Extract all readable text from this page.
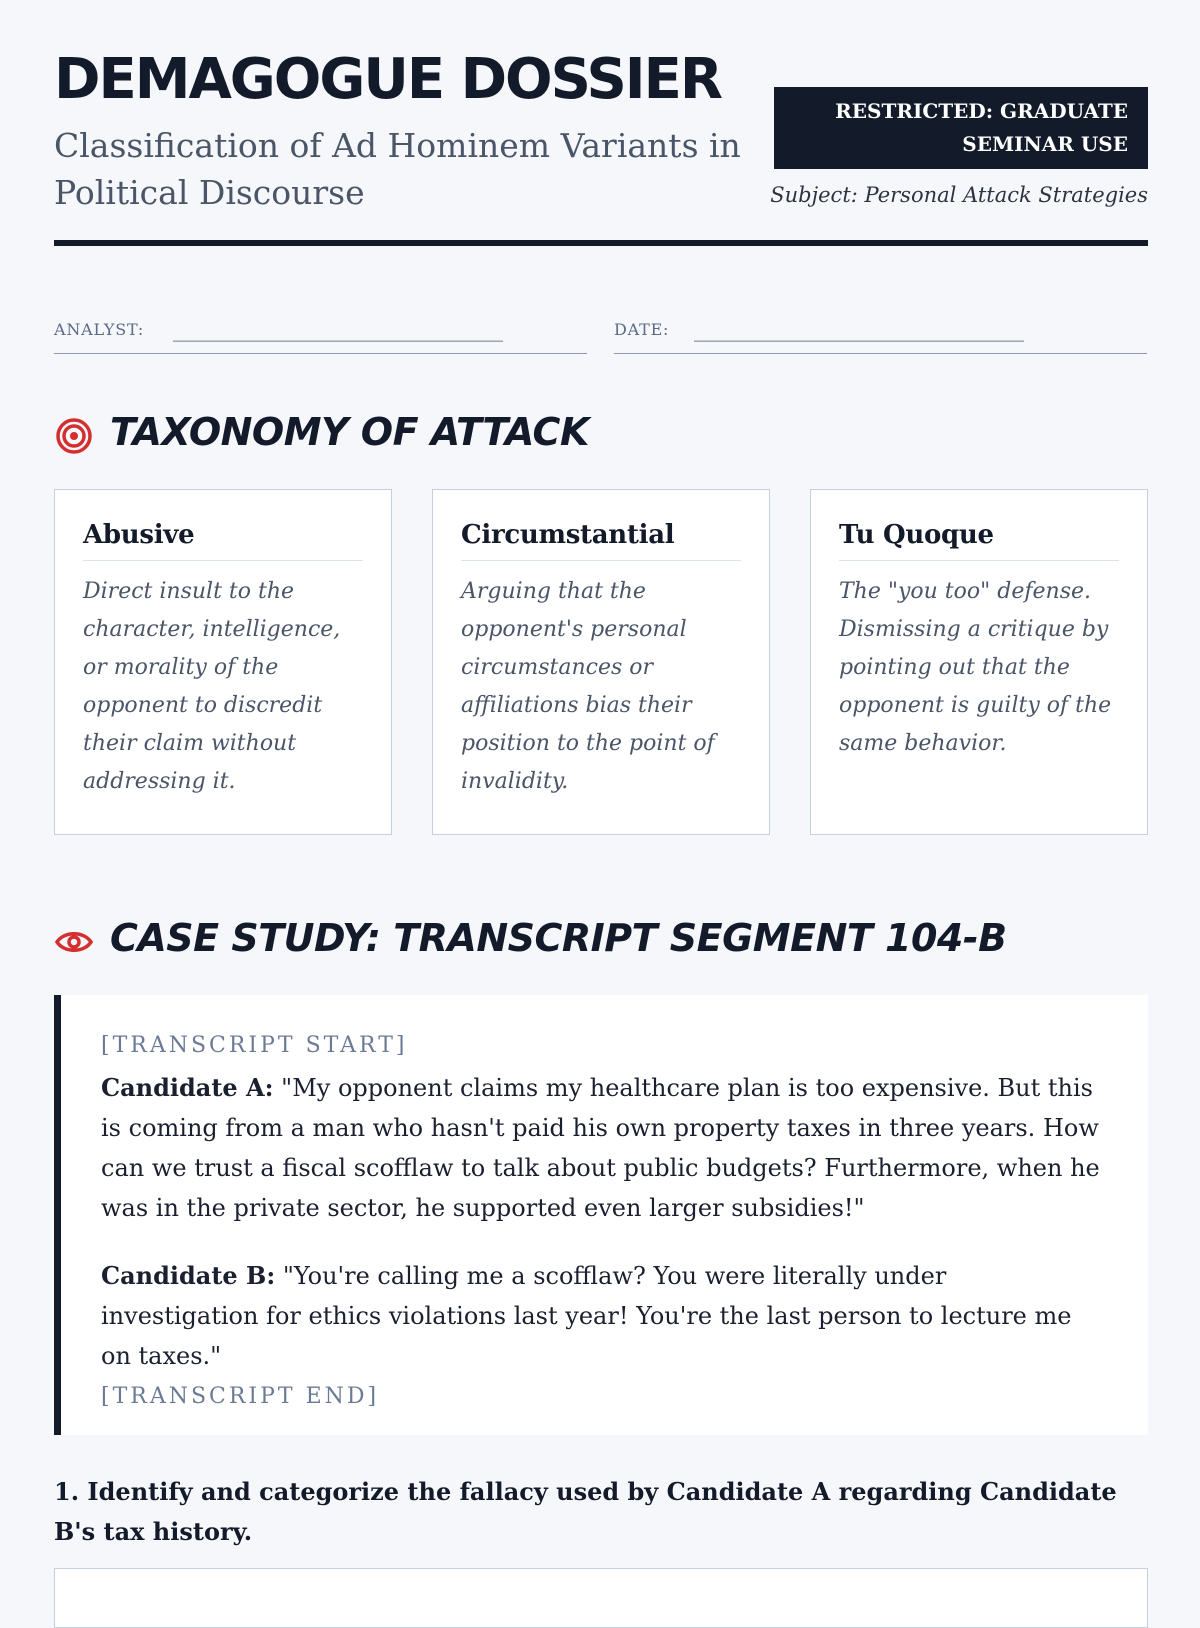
DEMAGOGUE DOSSIER
Classification of Ad Hominem Variants in Political Discourse
RESTRICTED: GRADUATE SEMINAR USE
Subject: Personal Attack Strategies
ANALYST: _________________________________	DATE: _________________________________
TAXONOMY OF ATTACK
Abusive

Direct insult to the character, intelligence, or morality of the opponent to discredit their claim without addressing it.

Circumstantial

Arguing that the opponent's personal circumstances or affiliations bias their position to the point of invalidity.

Tu Quoque

The "you too" defense. Dismissing a critique by pointing out that the opponent is guilty of the same behavior.

CASE STUDY: TRANSCRIPT SEGMENT 104-B

[TRANSCRIPT START]

Candidate A: "My opponent claims my healthcare plan is too expensive. But this is coming from a man who hasn't paid his own property taxes in three years. How can we trust a fiscal scofflaw to talk about public budgets? Furthermore, when he was in the private sector, he supported even larger subsidies!"

Candidate B: "You're calling me a scofflaw? You were literally under investigation for ethics violations last year! You're the last person to lecture me on taxes."

[TRANSCRIPT END]

1. Identify and categorize the fallacy used by Candidate A regarding Candidate B's tax history.
